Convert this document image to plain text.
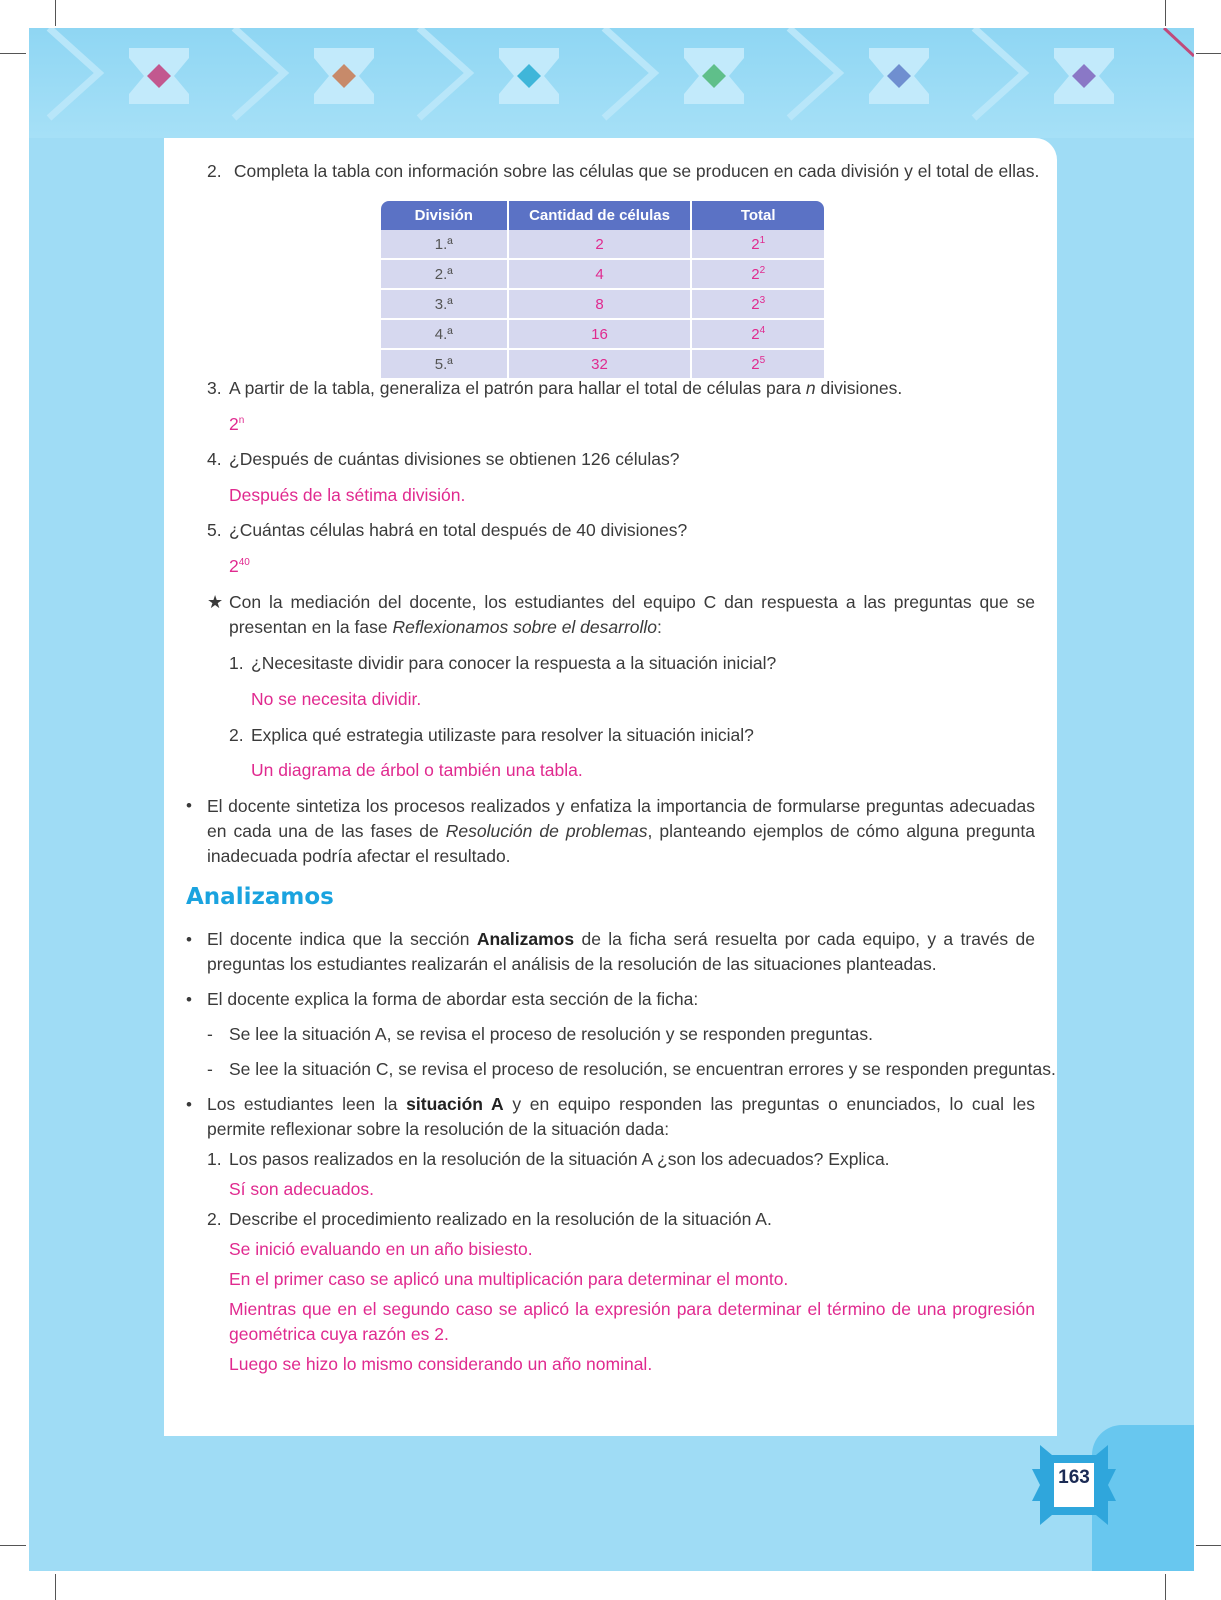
2. Completa la tabla con información sobre las células que se producen en cada división y el total de ellas.
División	Cantidad de células	Total
1.ª	2	$2^1$
2.ª	4	$2^2$
3.ª	8	$2^3$
4.ª	16	$2^4$
5.ª	32	$2^5$
3. A partir de la tabla, generaliza el patrón para hallar el total de células para n divisiones.
2$^n$
4. ¿Después de cuántas divisiones se obtienen 126 células?
Después de la sétima división.
5. ¿Cuántas células habrá en total después de 40 divisiones?
$2^{40}$
★ Con la mediación del docente, los estudiantes del equipo C dan respuesta a las preguntas que se presentan en la fase Reflexionamos sobre el desarrollo:
1. ¿Necesitaste dividir para conocer la respuesta a la situación inicial?
No se necesita dividir.
2. Explica qué estrategia utilizaste para resolver la situación inicial?
Un diagrama de árbol o también una tabla.
• El docente sintetiza los procesos realizados y enfatiza la importancia de formularse preguntas adecuadas en cada una de las fases de Resolución de problemas, planteando ejemplos de cómo alguna pregunta inadecuada podría afectar el resultado.
Analizamos
• El docente indica que la sección Analizamos de la ficha será resuelta por cada equipo, y a través de preguntas los estudiantes realizarán el análisis de la resolución de las situaciones planteadas.
• El docente explica la forma de abordar esta sección de la ficha:
- Se lee la situación A, se revisa el proceso de resolución y se responden preguntas.
- Se lee la situación C, se revisa el proceso de resolución, se encuentran errores y se responden preguntas.
• Los estudiantes leen la situación A y en equipo responden las preguntas o enunciados, lo cual les permite reflexionar sobre la resolución de la situación dada:
1. Los pasos realizados en la resolución de la situación A ¿son los adecuados? Explica.
Sí son adecuados.
2. Describe el procedimiento realizado en la resolución de la situación A.
Se inició evaluando en un año bisiesto.
En el primer caso se aplicó una multiplicación para determinar el monto.
Mientras que en el segundo caso se aplicó la expresión para determinar el término de una progresión geométrica cuya razón es 2.
Luego se hizo lo mismo considerando un año nominal.
163
